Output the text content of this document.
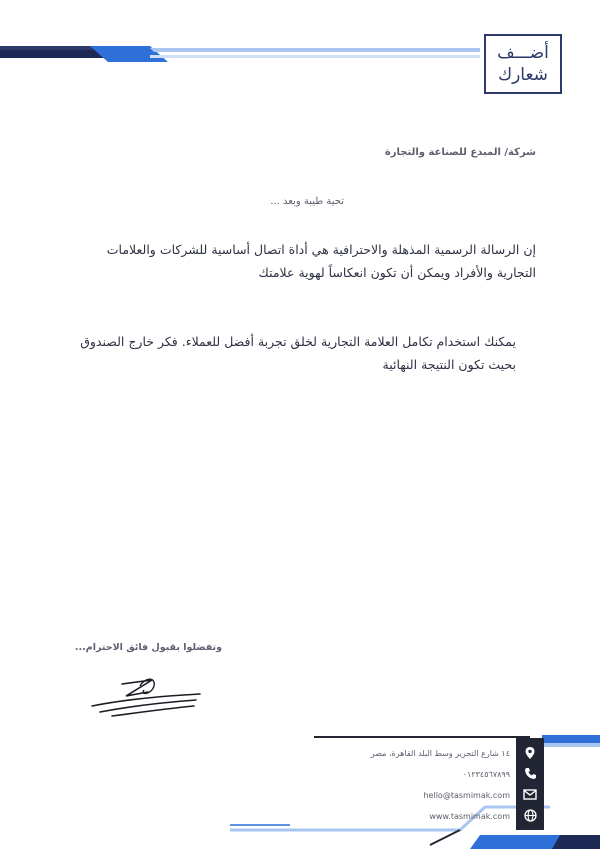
أضـــف
شعارك
شركة/ المبدع للصناعة والتجارة
تحية طيبة وبعد ...
إن الرسالة الرسمية المذهلة والاحترافية هي أداة اتصال أساسية للشركات والعلامات التجارية والأفراد ويمكن أن تكون انعكاساً لهوية علامتك
يمكنك استخدام تكامل العلامة التجارية لخلق تجربة أفضل للعملاء. فكر خارج الصندوق بحيث تكون النتيجة النهائية
وتفضلوا بقبول فائق الاحترام...
١٤ شارع التحرير وسط البلد القاهرة، مصر
٠١٢٣٤٥٦٧٨٩٩
hello@tasmimak.com
www.tasmimak.com
